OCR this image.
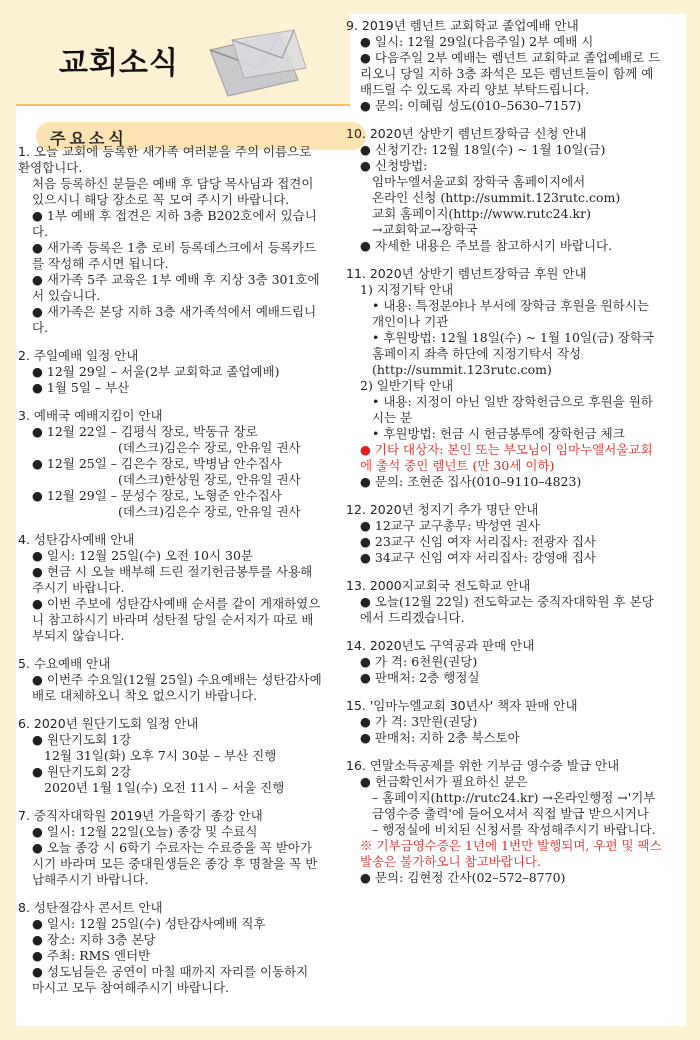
교회소식
주요소식
1. 오늘 교회에 등록한 새가족 여러분을 주의 이름으로 환영합니다.
처음 등록하신 분들은 예배 후 담당 목사님과 접견이 있으시니 해당 장소로 꼭 모여 주시기 바랍니다.
● 1부 예배 후 접견은 지하 3층 B202호에서 있습니다.
● 새가족 등록은 1층 로비 등록데스크에서 등록카드를 작성해 주시면 됩니다.
● 새가족 5주 교육은 1부 예배 후 지상 3층 301호에서 있습니다.
● 새가족은 본당 지하 3층 새가족석에서 예배드립니다.
2. 주일예배 일정 안내
● 12월 29일 – 서울(2부 교회학교 졸업예배)
● 1월 5일 – 부산
3. 예배국 예배지킴이 안내
● 12월 22일 – 김평식 장로, 박동규 장로
(데스크)김은수 장로, 안유일 권사
● 12월 25일 – 김은수 장로, 박병남 안수집사
(데스크)한상원 장로, 안유일 권사
● 12월 29일 – 문성수 장로, 노형준 안수집사
(데스크)김은수 장로, 안유일 권사
4. 성탄감사예배 안내
● 일시: 12월 25일(수) 오전 10시 30분
● 현금 시 오늘 배부해 드린 절기헌금봉투를 사용해주시기 바랍니다.
● 이번 주보에 성탄감사예배 순서를 같이 게재하였으니 참고하시기 바라며 성탄절 당일 순서지가 따로 배부되지 않습니다.
5. 수요예배 안내
● 이번주 수요일(12월 25일) 수요예배는 성탄감사예배로 대체하오니 착오 없으시기 바랍니다.
6. 2020년 원단기도회 일정 안내
● 원단기도회 1강
12월 31일(화) 오후 7시 30분 – 부산 진행
● 원단기도회 2강
2020년 1월 1일(수) 오전 11시 – 서울 진행
7. 중직자대학원 2019년 가을학기 종강 안내
● 일시: 12월 22일(오늘) 종강 및 수료식
● 오늘 종강 시 6학기 수료자는 수료증을 꼭 받아가시기 바라며 모든 중대원생들은 종강 후 명찰을 꼭 반납해주시기 바랍니다.
8. 성탄절감사 콘서트 안내
● 일시: 12월 25일(수) 성탄감사예배 직후
● 장소: 지하 3층 본당
● 주최: RMS 엔터반
● 성도님들은 공연이 마칠 때까지 자리를 이동하지 마시고 모두 참여해주시기 바랍니다.
9. 2019년 렘넌트 교회학교 졸업예배 안내
● 일시: 12월 29일(다음주일) 2부 예배 시
● 다음주일 2부 예배는 렘넌트 교회학교 졸업예배로 드리오니 당일 지하 3층 좌석은 모든 렘넌트들이 함께 예배드릴 수 있도록 자리 양보 부탁드립니다.
● 문의: 이혜림 성도(010–5630–7157)
10. 2020년 상반기 렘넌트장학금 신청 안내
● 신청기간: 12월 18일(수) ~ 1월 10일(금)
● 신청방법:
임마누엘서울교회 장학국 홈페이지에서
온라인 신청 (http://summit.123rutc.com)
교회 홈페이지(http://www.rutc24.kr)
→교회학교→장학국
● 자세한 내용은 주보를 참고하시기 바랍니다.
11. 2020년 상반기 렘넌트장학금 후원 안내
1) 지정기탁 안내
• 내용: 특정분야나 부서에 장학금 후원을 원하시는 개인이나 기관
• 후원방법: 12월 18일(수) ~ 1월 10일(금) 장학국 홈페이지 좌측 하단에 지정기탁서 작성 (http://summit.123rutc.com)
2) 일반기탁 안내
• 내용: 지정이 아닌 일반 장학헌금으로 후원을 원하시는 분
• 후원방법: 헌금 시 헌금봉투에 장학헌금 체크
● 기타 대상자: 본인 또는 부모님이 임마누엘서울교회에 출석 중인 렘넌트 (만 30세 이하)
● 문의: 조현준 집사(010–9110–4823)
12. 2020년 청지기 추가 명단 안내
● 12교구 교구총무: 박성연 권사
● 23교구 신임 여자 서리집사: 전광자 집사
● 34교구 신임 여자 서리집사: 강영애 집사
13. 2000지교회국 전도학교 안내
● 오늘(12월 22일) 전도학교는 중직자대학원 후 본당에서 드리겠습니다.
14. 2020년도 구역공과 판매 안내
● 가 격: 6천원(권당)
● 판매처: 2층 행정실
15. '임마누엘교회 30년사' 책자 판매 안내
● 가 격: 3만원(권당)
● 판매처: 지하 2층 북스토아
16. 연말소득공제를 위한 기부금 영수증 발급 안내
● 헌금확인서가 필요하신 분은
– 홈페이지(http://rutc24.kr) →온라인행정 →'기부금영수증 출력'에 들어오셔서 직접 발급 받으시거나
– 행정실에 비치된 신청서를 작성해주시기 바랍니다.
※ 기부금영수증은 1년에 1번만 발행되며, 우편 및 팩스발송은 불가하오니 참고바랍니다.
● 문의: 김현정 간사(02–572–8770)
